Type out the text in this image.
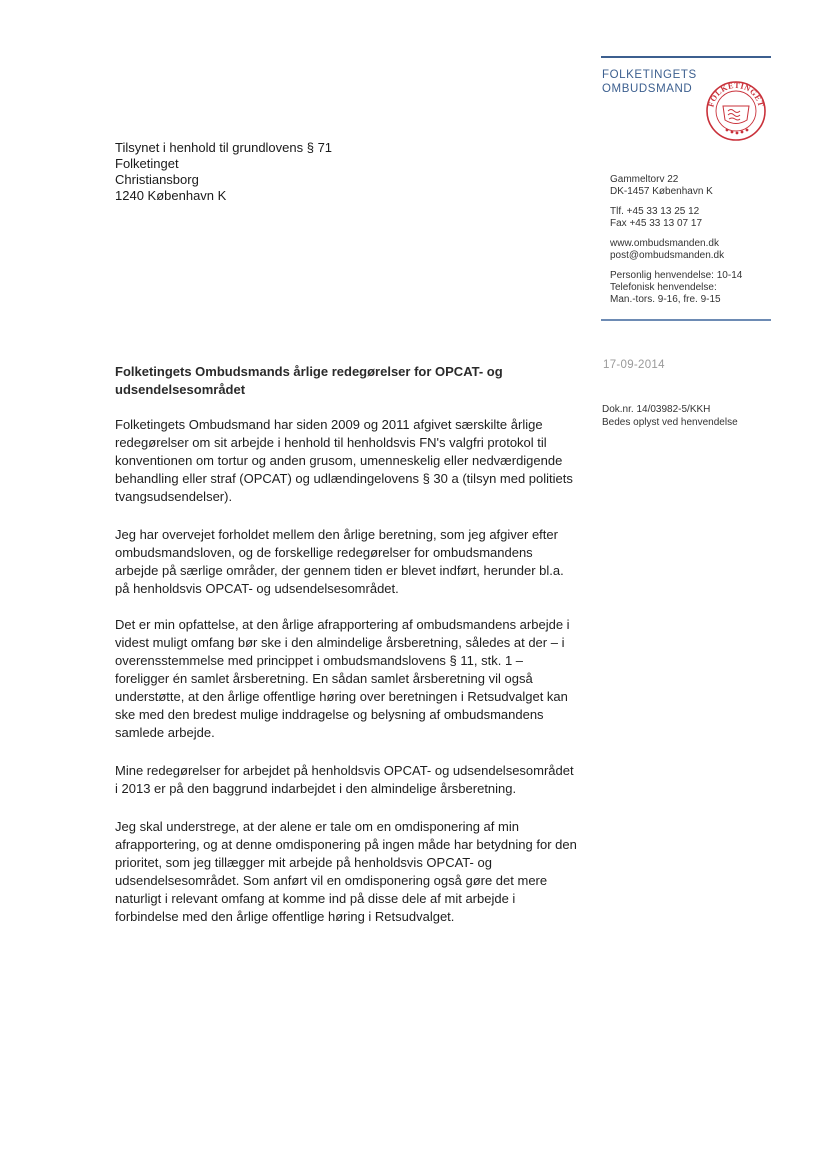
FOLKETINGETS
OMBUDSMAND
FOLKETINGET
Tilsynet i henhold til grundlovens § 71
Folketinget
Christiansborg
1240 København K
Gammeltorv 22
DK-1457 København K
Tlf. +45 33 13 25 12
Fax +45 33 13 07 17
www.ombudsmanden.dk
post@ombudsmanden.dk
Personlig henvendelse: 10-14
Telefonisk henvendelse:
Man.-tors. 9-16, fre. 9-15
17-09-2014
Dok.nr. 14/03982-5/KKH
Bedes oplyst ved henvendelse
Folketingets Ombudsmands årlige redegørelser for OPCAT- og udsendelsesområdet

Folketingets Ombudsmand har siden 2009 og 2011 afgivet særskilte årlige redegørelser om sit arbejde i henhold til henholdsvis FN's valgfri protokol til konventionen om tortur og anden grusom, umenneskelig eller nedværdigende behandling eller straf (OPCAT) og udlændingelovens § 30 a (tilsyn med politiets tvangsudsendelser).

Jeg har overvejet forholdet mellem den årlige beretning, som jeg afgiver efter ombudsmandsloven, og de forskellige redegørelser for ombudsmandens arbejde på særlige områder, der gennem tiden er blevet indført, herunder bl.a. på henholdsvis OPCAT- og udsendelsesområdet.

Det er min opfattelse, at den årlige afrapportering af ombudsmandens arbejde i videst muligt omfang bør ske i den almindelige årsberetning, således at der – i overensstemmelse med princippet i ombudsmandslovens § 11, stk. 1 – foreligger én samlet årsberetning. En sådan samlet årsberetning vil også understøtte, at den årlige offentlige høring over beretningen i Retsudvalget kan ske med den bredest mulige inddragelse og belysning af ombudsmandens samlede arbejde.

Mine redegørelser for arbejdet på henholdsvis OPCAT- og udsendelsesområdet i 2013 er på den baggrund indarbejdet i den almindelige årsberetning.

Jeg skal understrege, at der alene er tale om en omdisponering af min afrapportering, og at denne omdisponering på ingen måde har betydning for den prioritet, som jeg tillægger mit arbejde på henholdsvis OPCAT- og udsendelsesområdet. Som anført vil en omdisponering også gøre det mere naturligt i relevant omfang at komme ind på disse dele af mit arbejde i forbindelse med den årlige offentlige høring i Retsudvalget.
